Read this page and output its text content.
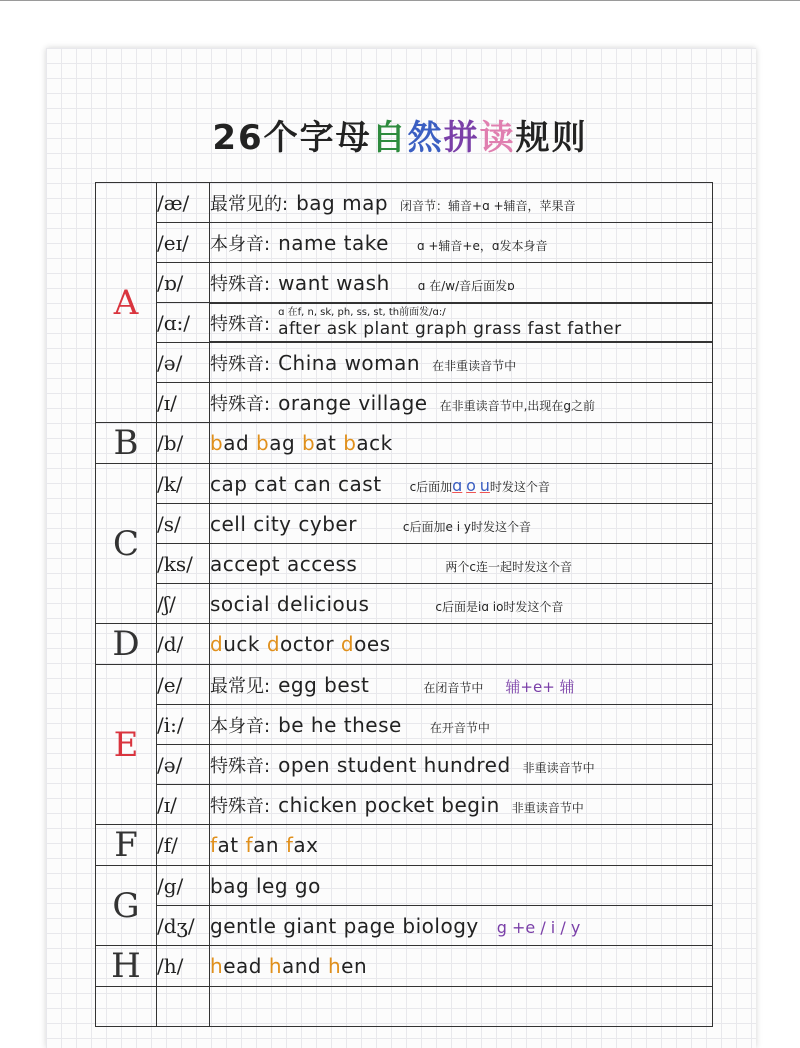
26个字母自然拼读规则
A	/æ/	最常见的: bag map 闭音节：辅音+ɑ +辅音，苹果音
	/eɪ/	本身音: name take ɑ +辅音+e，ɑ发本身音
	/ɒ/	特殊音: want wash ɑ 在/w/音后面发ɒ
	/ɑ:/	特殊音:
ɑ 在f, n, sk, ph, ss, st, th前面发/ɑ:/
after ask plant graph grass fast father

	/ə/	特殊音: China woman 在非重读音节中
	/ɪ/	特殊音: orange village 在非重读音节中,出现在g之前
B	/b/	bad bag bat back
C	/k/	cap cat can cast c后面加ɑ o u时发这个音
	/s/	cell city cyber c后面加e i y时发这个音
	/ks/	accept access 两个c连一起时发这个音
	/ʃ/	social delicious c后面是iɑ io时发这个音
D	/d/	duck doctor does
E	/e/	最常见: egg best 在闭音节中 辅+e+ 辅
	/i:/	本身音: be he these 在开音节中
	/ə/	特殊音: open student hundred 非重读音节中
	/ɪ/	特殊音: chicken pocket begin 非重读音节中
F	/f/	fat fan fax
G	/g/	bag leg go
	/dʒ/	gentle giant page biology g +e / i / y
H	/h/	head hand hen
